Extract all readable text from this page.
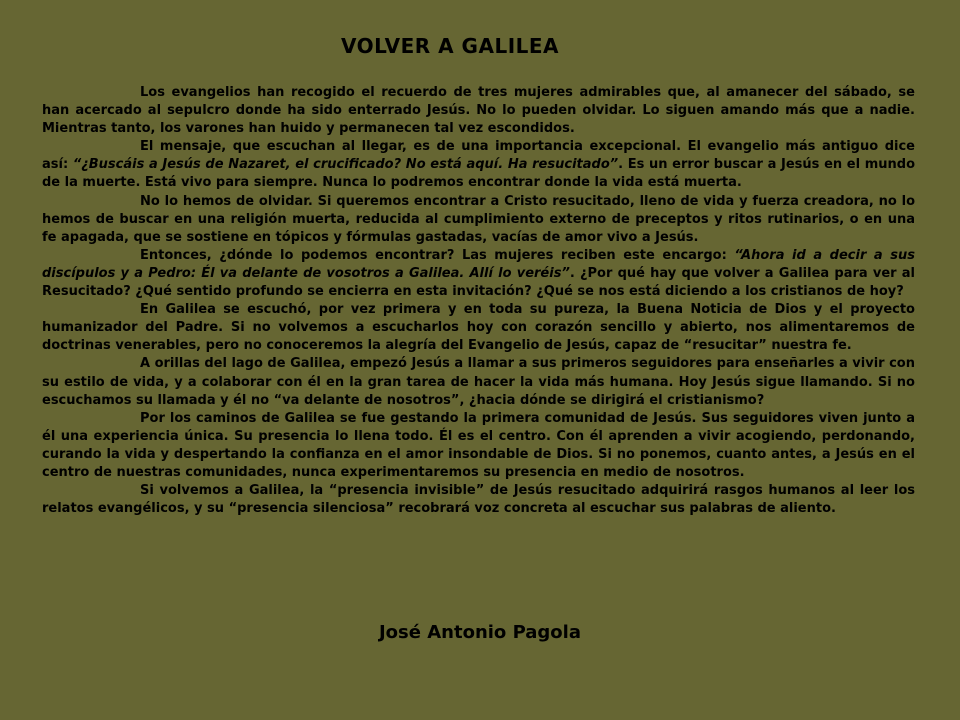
VOLVER A GALILEA

Los evangelios han recogido el recuerdo de tres mujeres admirables que, al amanecer del sábado, se han acercado al sepulcro donde ha sido enterrado Jesús. No lo pueden olvidar. Lo siguen amando más que a nadie. Mientras tanto, los varones han huido y permanecen tal vez escondidos.

El mensaje, que escuchan al llegar, es de una importancia excepcional. El evangelio más antiguo dice así: “¿Buscáis a Jesús de Nazaret, el crucificado? No está aquí. Ha resucitado”. Es un error buscar a Jesús en el mundo de la muerte. Está vivo para siempre. Nunca lo podremos encontrar donde la vida está muerta.

No lo hemos de olvidar. Si queremos encontrar a Cristo resucitado, lleno de vida y fuerza creadora, no lo hemos de buscar en una religión muerta, reducida al cumplimiento externo de preceptos y ritos rutinarios, o en una fe apagada, que se sostiene en tópicos y fórmulas gastadas, vacías de amor vivo a Jesús.

Entonces, ¿dónde lo podemos encontrar? Las mujeres reciben este encargo: “Ahora id a decir a sus discípulos y a Pedro: Él va delante de vosotros a Galilea. Allí lo veréis”. ¿Por qué hay que volver a Galilea para ver al Resucitado? ¿Qué sentido profundo se encierra en esta invitación? ¿Qué se nos está diciendo a los cristianos de hoy?

En Galilea se escuchó, por vez primera y en toda su pureza, la Buena Noticia de Dios y el proyecto humanizador del Padre. Si no volvemos a escucharlos hoy con corazón sencillo y abierto, nos alimentaremos de doctrinas venerables, pero no conoceremos la alegría del Evangelio de Jesús, capaz de “resucitar” nuestra fe.

A orillas del lago de Galilea, empezó Jesús a llamar a sus primeros seguidores para enseñarles a vivir con su estilo de vida, y a colaborar con él en la gran tarea de hacer la vida más humana. Hoy Jesús sigue llamando. Si no escuchamos su llamada y él no “va delante de nosotros”, ¿hacia dónde se dirigirá el cristianismo?

Por los caminos de Galilea se fue gestando la primera comunidad de Jesús. Sus seguidores viven junto a él una experiencia única. Su presencia lo llena todo. Él es el centro. Con él aprenden a vivir acogiendo, perdonando, curando la vida y despertando la confianza en el amor insondable de Dios. Si no ponemos, cuanto antes, a Jesús en el centro de nuestras comunidades, nunca experimentaremos su presencia en medio de nosotros.

Si volvemos a Galilea, la “presencia invisible” de Jesús resucitado adquirirá rasgos humanos al leer los relatos evangélicos, y su “presencia silenciosa” recobrará voz concreta al escuchar sus palabras de aliento.

José Antonio Pagola
